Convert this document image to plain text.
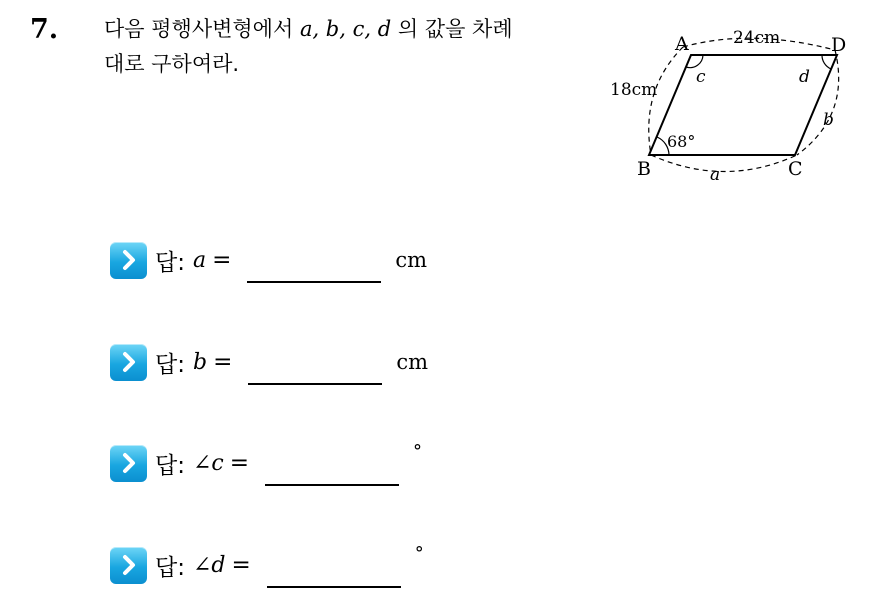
7. 다음 평행사변형에서 a, b, c, d 의 값을 차례

대로 구하여라.

A	D
B	C
24cm
18cm
68°
c	d
b
a
답: a =	cm
답: b =	cm
답: ∠c =	°
답: ∠d =	°
